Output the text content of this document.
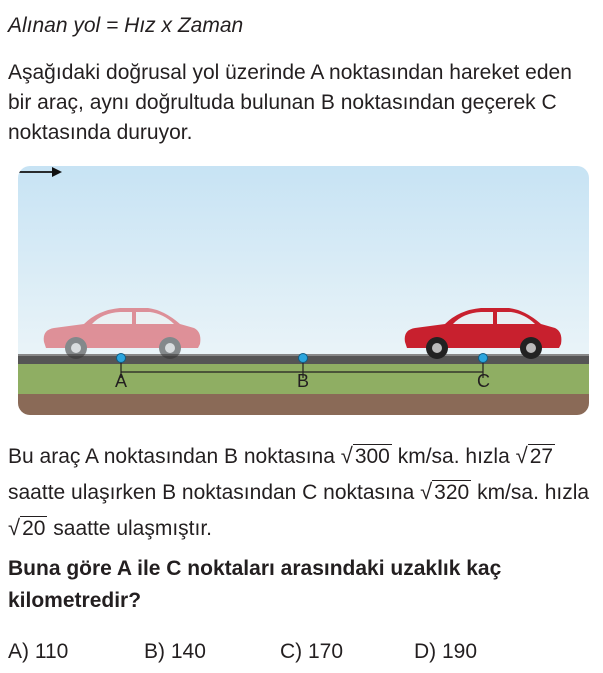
Alınan yol = Hız x Zaman
Aşağıdaki doğrusal yol üzerinde A noktasından hareket eden bir araç, aynı doğrultuda bulunan B noktasından geçerek C noktasında duruyor.
A	B	C
Bu araç A noktasından B noktasına √300 km/sa. hızla √27 saatte ulaşırken B noktasından C noktasına √320 km/sa. hızla √20 saatte ulaşmıştır.
Buna göre A ile C noktaları arasındaki uzaklık kaç kilometredir?
A) 110	B) 140	C) 170	D) 190
